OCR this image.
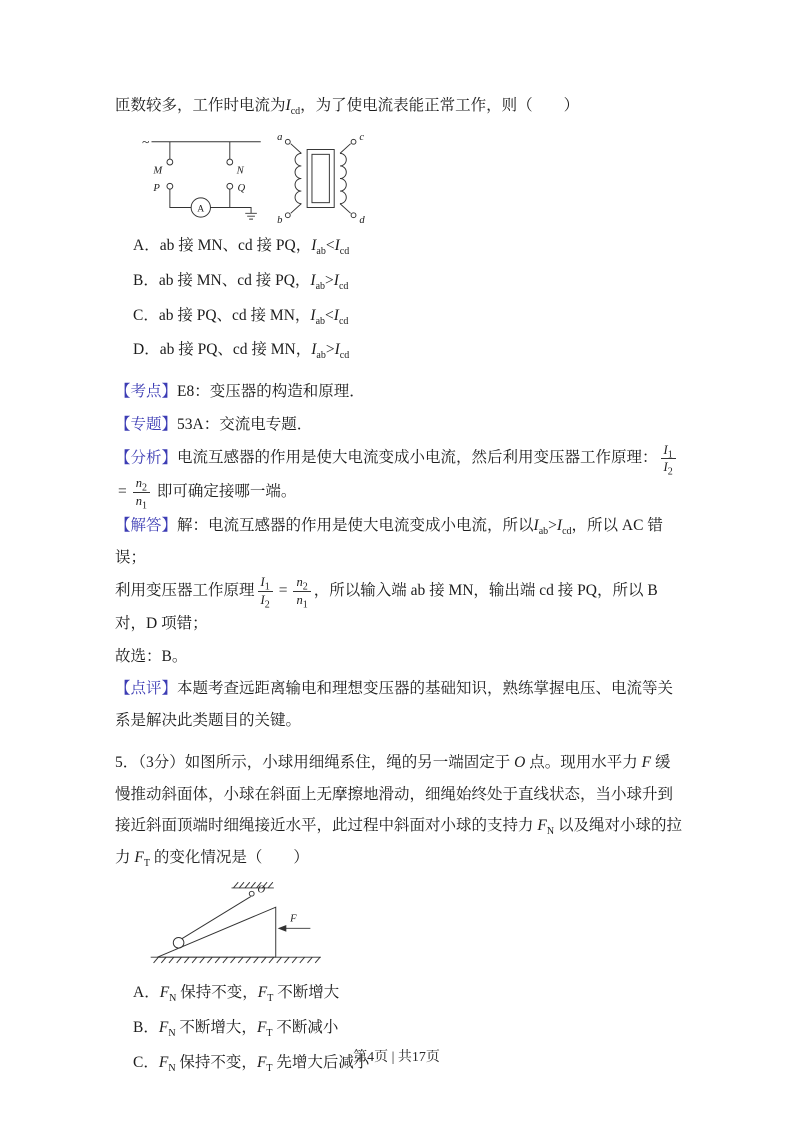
匝数较多，工作时电流为$I_{cd}$，为了使电流表能正常工作，则（　　）

~
M	N
P	Q
A
a
b
c
d

A．ab 接 MN、cd 接 PQ，$I_{ab}<I_{cd}$

B．ab 接 MN、cd 接 PQ，$I_{ab}>I_{cd}$

C．ab 接 PQ、cd 接 MN，$I_{ab}<I_{cd}$

D．ab 接 PQ、cd 接 MN，$I_{ab}>I_{cd}$

【考点】E8：变压器的构造和原理．

【专题】53A：交流电专题．

【分析】电流互感器的作用是使大电流变成小电流，然后利用变压器工作原理： $\frac{I_1}{I_2}$
= $\frac{n_2}{n_1}$ 即可确定接哪一端。

【解答】解：电流互感器的作用是使大电流变成小电流，所以$I_{ab}>I_{cd}$，所以 AC 错误；

利用变压器工作原理 $\frac{I_1}{I_2} = \frac{n_2}{n_1}$ ，所以输入端 ab 接 MN，输出端 cd 接 PQ，所以 B 对，D 项错；

故选：B。

【点评】本题考查远距离输电和理想变压器的基础知识，熟练掌握电压、电流等关系是解决此类题目的关键。

5．（3分）如图所示，小球用细绳系住，绳的另一端固定于 O 点。现用水平力 F 缓慢推动斜面体，小球在斜面上无摩擦地滑动，细绳始终处于直线状态，当小球升到接近斜面顶端时细绳接近水平，此过程中斜面对小球的支持力 $F_N$ 以及绳对小球的拉力 $F_T$ 的变化情况是（　　）

O
F

A．$F_N$ 保持不变，$F_T$ 不断增大

B．$F_N$ 不断增大，$F_T$ 不断减小

C．$F_N$ 保持不变，$F_T$ 先增大后减小

第4页 | 共17页
